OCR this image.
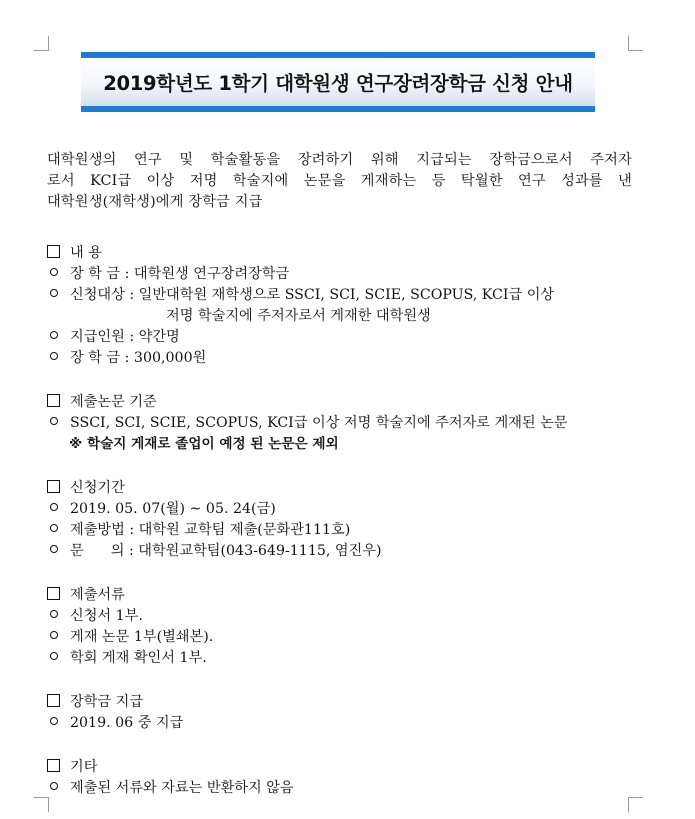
2019학년도 1학기 대학원생 연구장려장학금 신청 안내

대학원생의 연구 및 학술활동을 장려하기 위해 지급되는 장학금으로서 주저자
로서 KCI급 이상 저명 학술지에 논문을 게재하는 등 탁월한 연구 성과를 낸
대학원생(재학생)에게 장학금 지급

내 용
장 학 금 : 대학원생 연구장려장학금
신청대상 : 일반대학원 재학생으로 SSCI, SCI, SCIE, SCOPUS, KCI급 이상
저명 학술지에 주저자로서 게재한 대학원생
지급인원 : 약간명
장 학 금 : 300,000원
제출논문 기준
SSCI, SCI, SCIE, SCOPUS, KCI급 이상 저명 학술지에 주저자로 게재된 논문
※ 학술지 게재로 졸업이 예정 된 논문은 제외
신청기간
2019. 05. 07(월) ~ 05. 24(금)
제출방법 : 대학원 교학팀 제출(문화관111호)
문      의 : 대학원교학팀(043-649-1115, 염진우)
제출서류
신청서 1부.
게재 논문 1부(별쇄본).
학회 게재 확인서 1부.
장학금 지급
2019. 06 중 지급
기타
제출된 서류와 자료는 반환하지 않음
